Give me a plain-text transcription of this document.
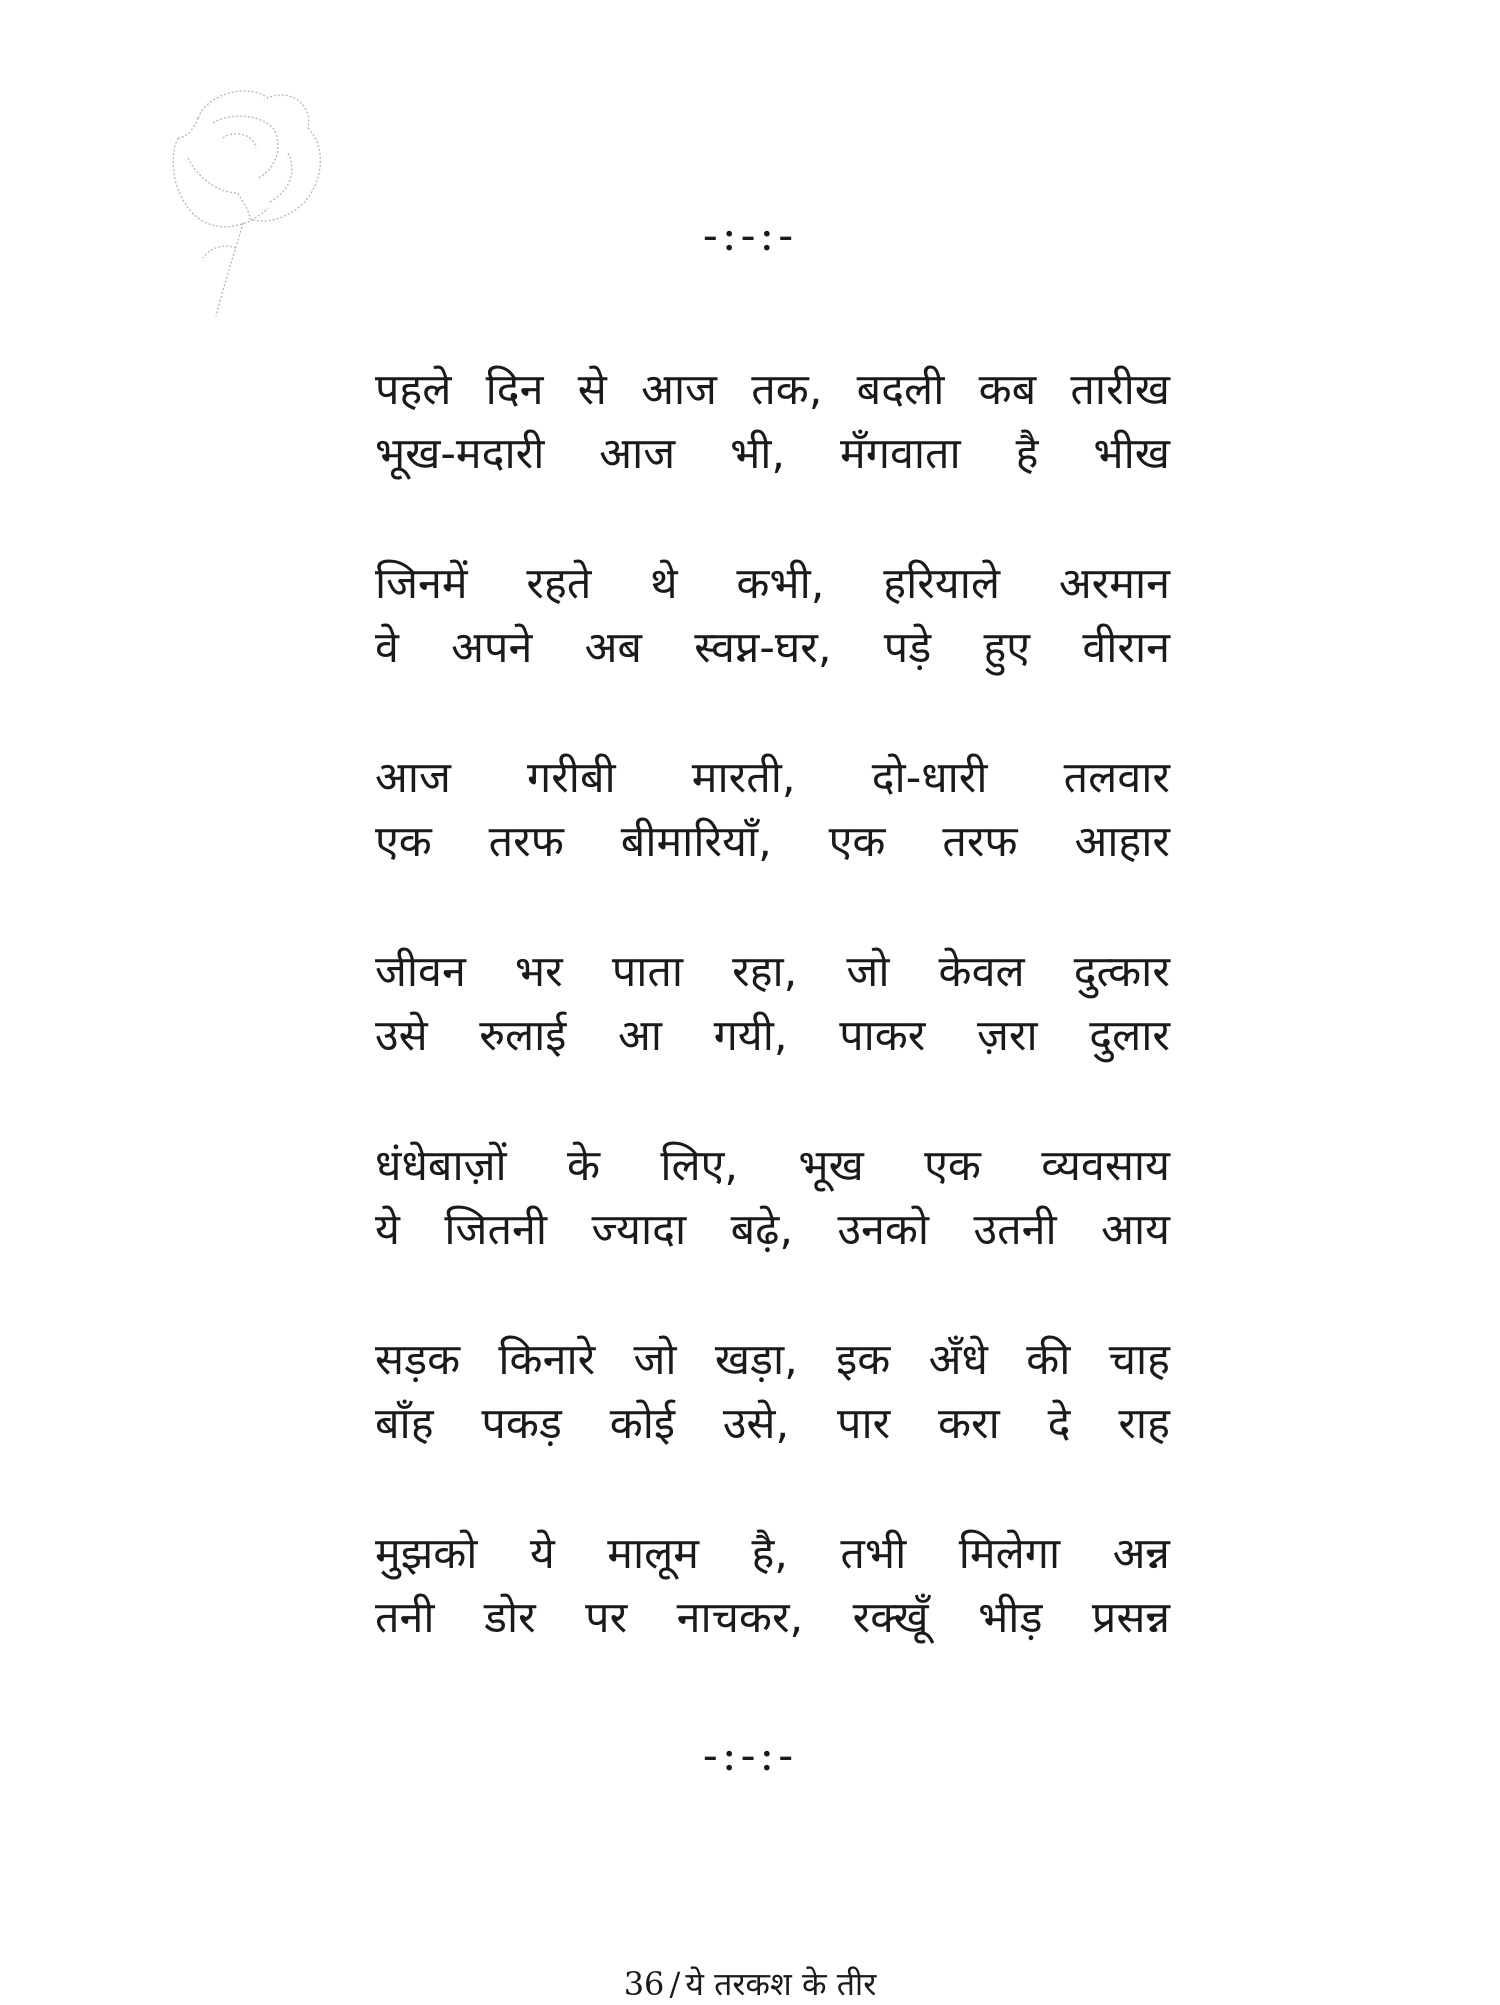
-:-:-
पहले दिन से आज तक, बदली कब तारीख
भूख-मदारी आज भी, मँगवाता है भीख
जिनमें रहते थे कभी, हरियाले अरमान
वे अपने अब स्वप्न-घर, पड़े हुए वीरान
आज गरीबी मारती, दो-धारी तलवार
एक तरफ बीमारियाँ, एक तरफ आहार
जीवन भर पाता रहा, जो केवल दुत्कार
उसे रुलाई आ गयी, पाकर ज़रा दुलार
धंधेबाज़ों के लिए, भूख एक व्यवसाय
ये जितनी ज्यादा बढ़े, उनको उतनी आय
सड़क किनारे जो खड़ा, इक अँधे की चाह
बाँह पकड़ कोई उसे, पार करा दे राह
मुझको ये मालूम है, तभी मिलेगा अन्न
तनी डोर पर नाचकर, रक्खूँ भीड़ प्रसन्न
-:-:-
36 / ये तरकश के तीर
